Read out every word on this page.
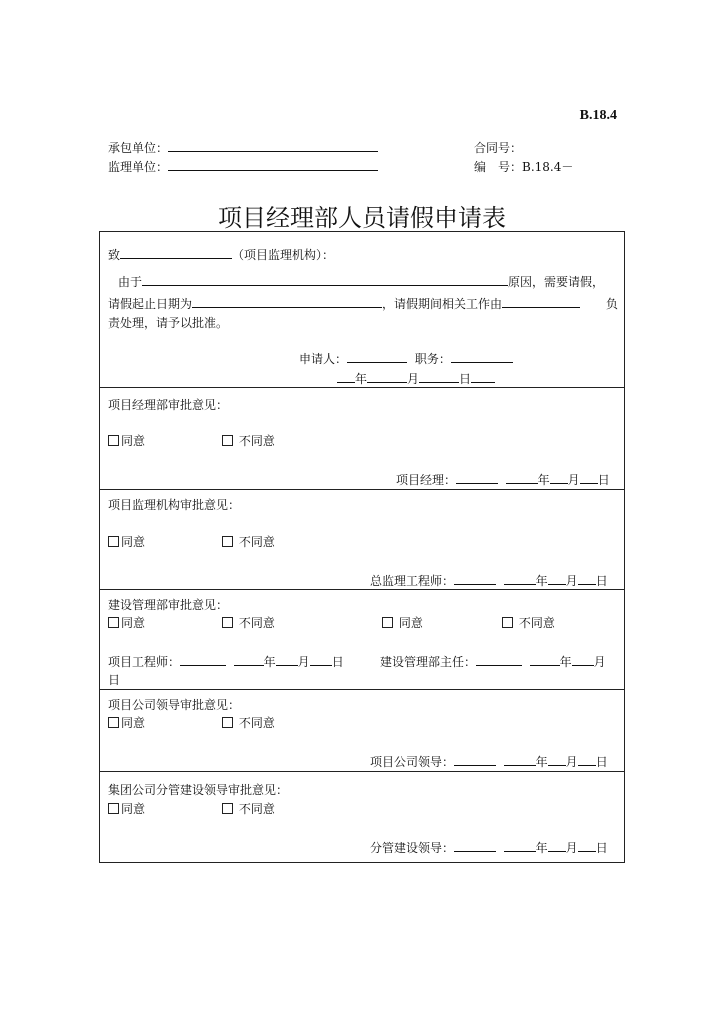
B.18.4
承包单位：	合同号：
监理单位：	编　号：B.18.4－
项目经理部人员请假申请表
致	（项目监理机构）：
由于	原因，需要请假，
请假起止日期为	，请假期间相关工作由	负
责处理，请予以批准。
申请人：	职务：
年	月	日
项目经理部审批意见：
同意	不同意
项目经理：	年 月 日
项目监理机构审批意见：
同意	不同意
总监理工程师：	年 月 日
建设管理部审批意见：
同意	不同意	同意	不同意
项目工程师：	年 月 日	建设管理部主任：	年 月
日
项目公司领导审批意见：
同意	不同意
项目公司领导：	年 月 日
集团公司分管建设领导审批意见：
同意	不同意
分管建设领导：	年 月 日
